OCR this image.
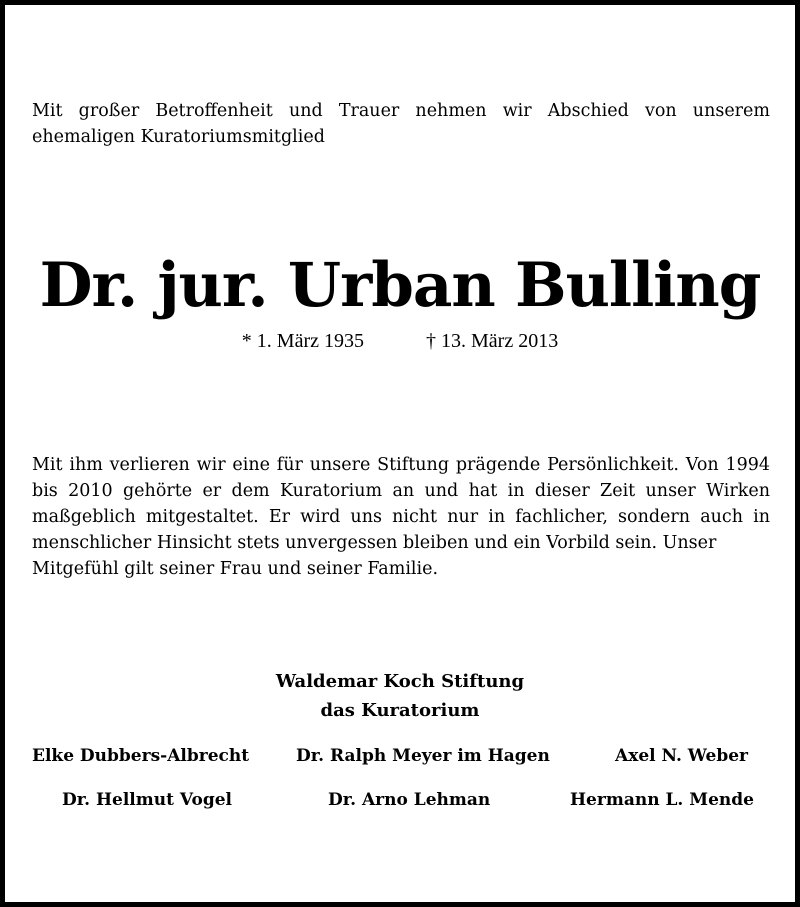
Mit großer Betroffenheit und Trauer nehmen wir Abschied von unserem ehemaligen Kuratoriumsmitglied

Dr. jur. Urban Bulling

* 1. März 1935	† 13. März 2013

Mit ihm verlieren wir eine für unsere Stiftung prägende Persönlichkeit. Von 1994 bis 2010 gehörte er dem Kuratorium an und hat in dieser Zeit unser Wirken maßgeblich mitgestaltet. Er wird uns nicht nur in fachlicher, sondern auch in menschlicher Hinsicht stets unvergessen bleiben und ein Vorbild sein. Unser
Mitgefühl gilt seiner Frau und seiner Familie.

Waldemar Koch Stiftung
das Kuratorium
Elke Dubbers-Albrecht	Dr. Ralph Meyer im Hagen	Axel N. Weber
Dr. Hellmut Vogel	Dr. Arno Lehman	Hermann L. Mende
